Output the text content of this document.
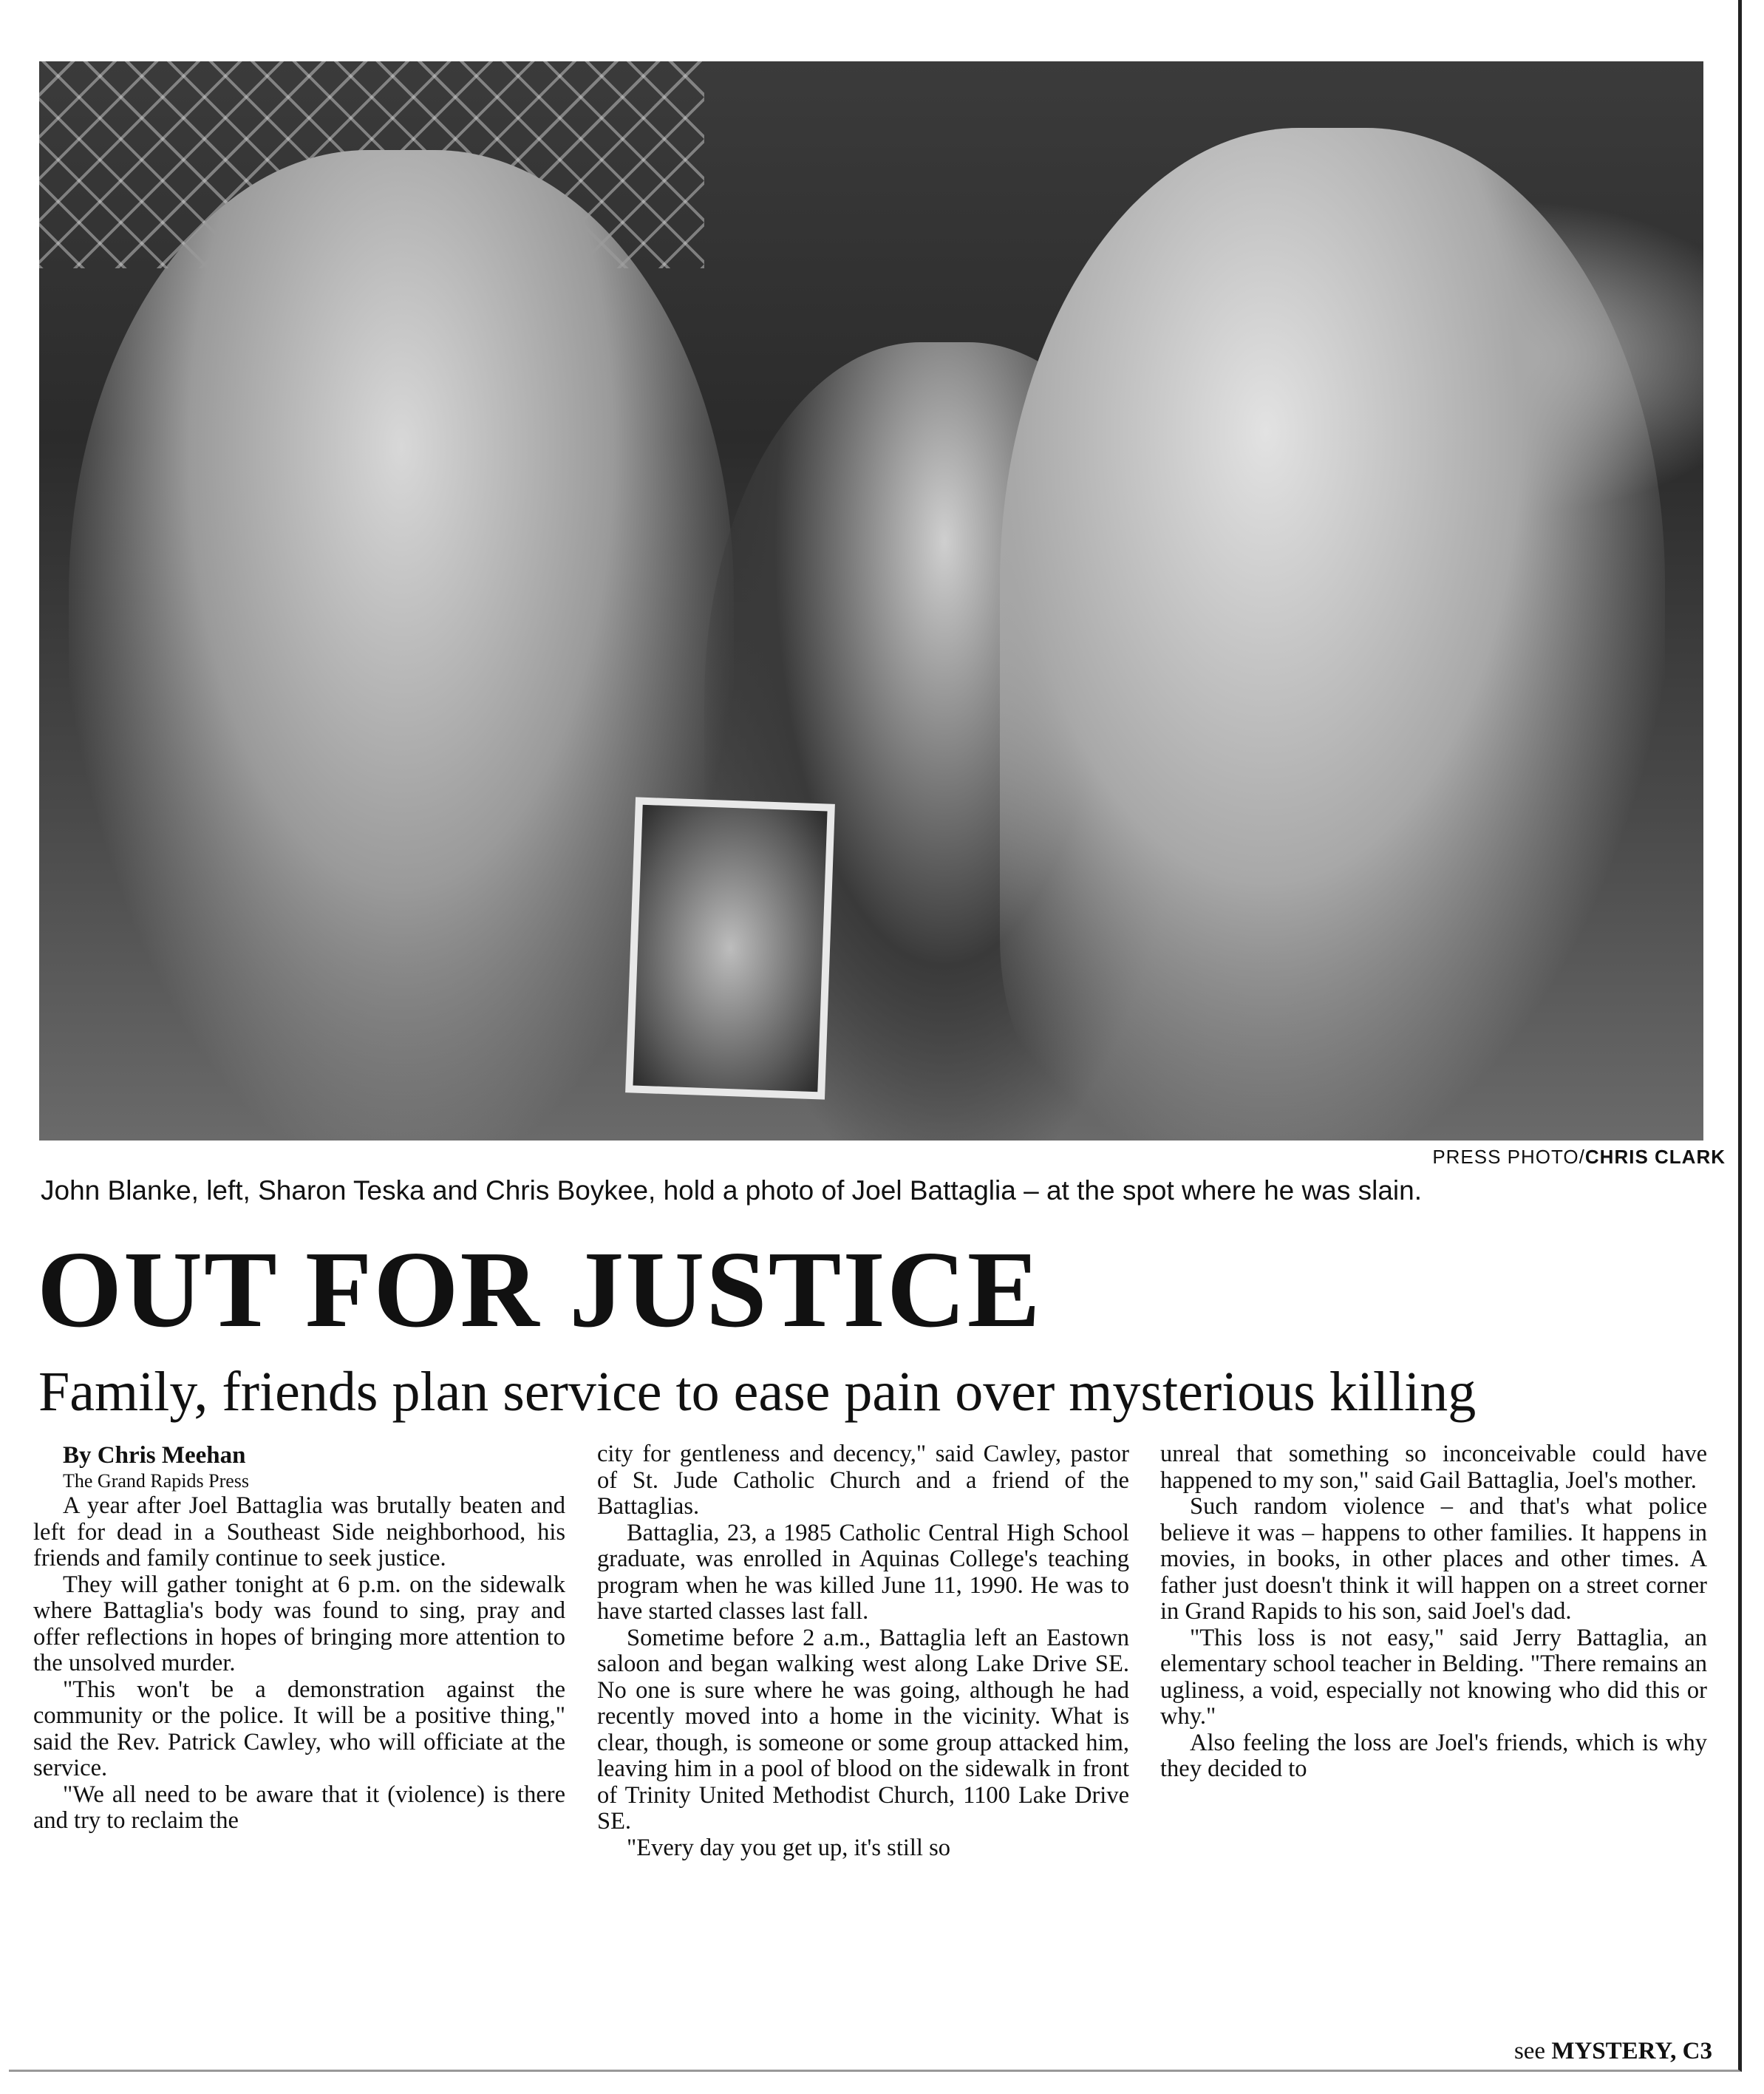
PRESS PHOTO/CHRIS CLARK
John Blanke, left, Sharon Teska and Chris Boykee, hold a photo of Joel Battaglia – at the spot where he was slain.
OUT FOR JUSTICE
Family, friends plan service to ease pain over mysterious killing

By Chris Meehan

The Grand Rapids Press

A year after Joel Battaglia was brutally beaten and left for dead in a Southeast Side neighborhood, his friends and family continue to seek justice.

They will gather tonight at 6 p.m. on the sidewalk where Battaglia's body was found to sing, pray and offer reflections in hopes of bringing more attention to the unsolved murder.

"This won't be a demonstration against the community or the police. It will be a positive thing," said the Rev. Patrick Cawley, who will officiate at the service.

"We all need to be aware that it (violence) is there and try to reclaim the

city for gentleness and decency," said Cawley, pastor of St. Jude Catholic Church and a friend of the Battaglias.

Battaglia, 23, a 1985 Catholic Central High School graduate, was enrolled in Aquinas College's teaching program when he was killed June 11, 1990. He was to have started classes last fall.

Sometime before 2 a.m., Battaglia left an Eastown saloon and began walking west along Lake Drive SE. No one is sure where he was going, although he had recently moved into a home in the vicinity. What is clear, though, is someone or some group attacked him, leaving him in a pool of blood on the sidewalk in front of Trinity United Methodist Church, 1100 Lake Drive SE.

"Every day you get up, it's still so

unreal that something so inconceivable could have happened to my son," said Gail Battaglia, Joel's mother.

Such random violence – and that's what police believe it was – happens to other families. It happens in movies, in books, in other places and other times. A father just doesn't think it will happen on a street corner in Grand Rapids to his son, said Joel's dad.

"This loss is not easy," said Jerry Battaglia, an elementary school teacher in Belding. "There remains an ugliness, a void, especially not knowing who did this or why."

Also feeling the loss are Joel's friends, which is why they decided to

see MYSTERY, C3
